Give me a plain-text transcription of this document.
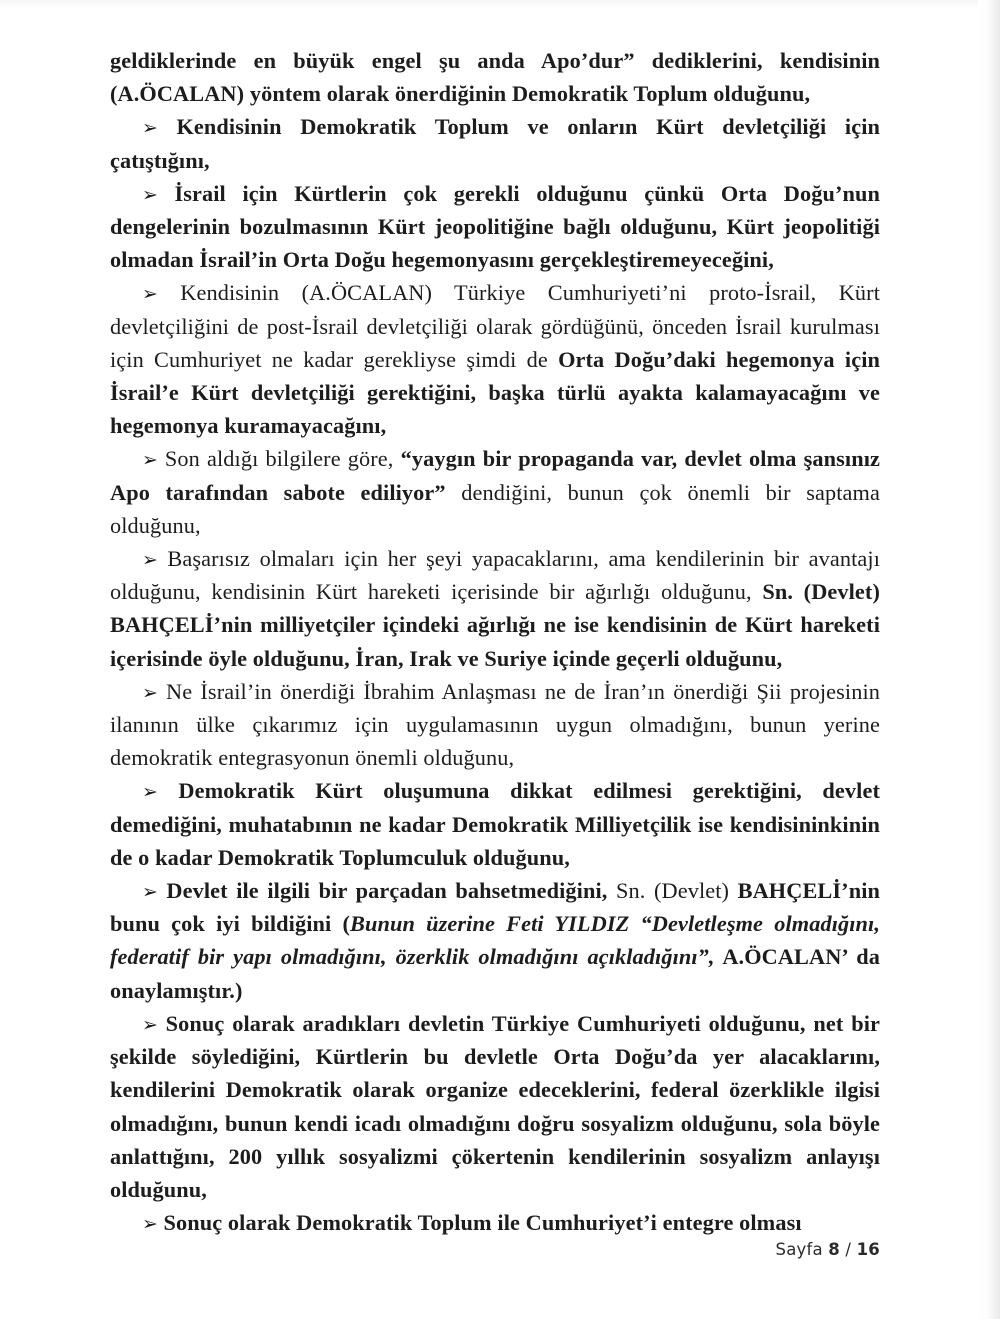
geldiklerinde en büyük engel şu anda Apo’dur” dediklerini, kendisinin (A.ÖCALAN) yöntem olarak önerdiğinin Demokratik Toplum olduğunu,

➢ Kendisinin Demokratik Toplum ve onların Kürt devletçiliği için çatıştığını,

➢ İsrail için Kürtlerin çok gerekli olduğunu çünkü Orta Doğu’nun dengelerinin bozulmasının Kürt jeopolitiğine bağlı olduğunu, Kürt jeopolitiği olmadan İsrail’in Orta Doğu hegemonyasını gerçekleştiremeyeceğini,

➢ Kendisinin (A.ÖCALAN) Türkiye Cumhuriyeti’ni proto-İsrail, Kürt devletçiliğini de post-İsrail devletçiliği olarak gördüğünü, önceden İsrail kurulması için Cumhuriyet ne kadar gerekliyse şimdi de Orta Doğu’daki hegemonya için İsrail’e Kürt devletçiliği gerektiğini, başka türlü ayakta kalamayacağını ve hegemonya kuramayacağını,

➢ Son aldığı bilgilere göre, “yaygın bir propaganda var, devlet olma şansınız Apo tarafından sabote ediliyor” dendiğini, bunun çok önemli bir saptama olduğunu,

➢ Başarısız olmaları için her şeyi yapacaklarını, ama kendilerinin bir avantajı olduğunu, kendisinin Kürt hareketi içerisinde bir ağırlığı olduğunu, Sn. (Devlet) BAHÇELİ’nin milliyetçiler içindeki ağırlığı ne ise kendisinin de Kürt hareketi içerisinde öyle olduğunu, İran, Irak ve Suriye içinde geçerli olduğunu,

➢ Ne İsrail’in önerdiği İbrahim Anlaşması ne de İran’ın önerdiği Şii projesinin ilanının ülke çıkarımız için uygulamasının uygun olmadığını, bunun yerine demokratik entegrasyonun önemli olduğunu,

➢ Demokratik Kürt oluşumuna dikkat edilmesi gerektiğini, devlet demediğini, muhatabının ne kadar Demokratik Milliyetçilik ise kendisininkinin de o kadar Demokratik Toplumculuk olduğunu,

➢ Devlet ile ilgili bir parçadan bahsetmediğini, Sn. (Devlet) BAHÇELİ’nin bunu çok iyi bildiğini (Bunun üzerine Feti YILDIZ “Devletleşme olmadığını, federatif bir yapı olmadığını, özerklik olmadığını açıkladığını”, A.ÖCALAN’ da onaylamıştır.)

➢ Sonuç olarak aradıkları devletin Türkiye Cumhuriyeti olduğunu, net bir şekilde söylediğini, Kürtlerin bu devletle Orta Doğu’da yer alacaklarını, kendilerini Demokratik olarak organize edeceklerini, federal özerklikle ilgisi olmadığını, bunun kendi icadı olmadığını doğru sosyalizm olduğunu, sola böyle anlattığını, 200 yıllık sosyalizmi çökertenin kendilerinin sosyalizm anlayışı olduğunu,

➢ Sonuç olarak Demokratik Toplum ile Cumhuriyet’i entegre olması

Sayfa 8 / 16
